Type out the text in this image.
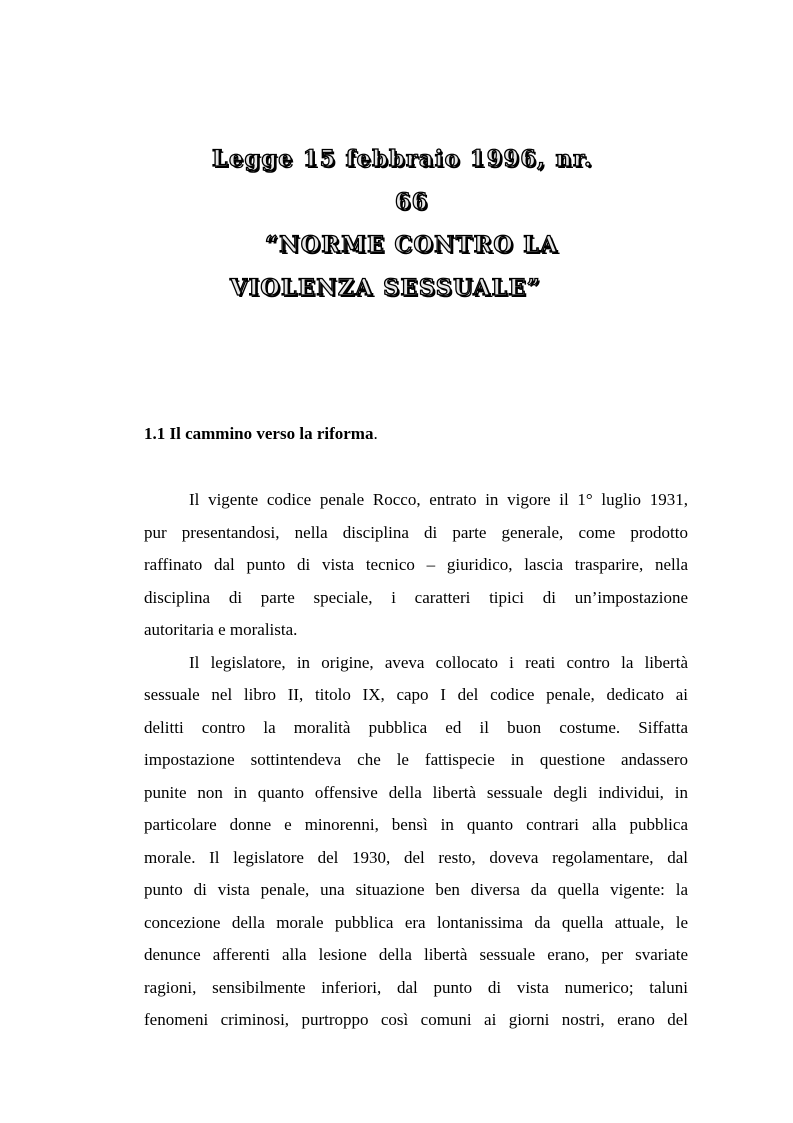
Legge 15 febbraio 1996, nr.
66
“NORME CONTRO LA
VIOLENZA SESSUALE”
1.1 Il cammino verso la riforma.
Il vigente codice penale Rocco, entrato in vigore il 1° luglio 1931,
pur presentandosi, nella disciplina di parte generale, come prodotto
raffinato dal punto di vista tecnico – giuridico, lascia trasparire, nella
disciplina di parte speciale, i caratteri tipici di un’impostazione
autoritaria e moralista.
Il legislatore, in origine, aveva collocato i reati contro la libertà
sessuale nel libro II, titolo IX, capo I del codice penale, dedicato ai
delitti contro la moralità pubblica ed il buon costume. Siffatta
impostazione sottintendeva che le fattispecie in questione andassero
punite non in quanto offensive della libertà sessuale degli individui, in
particolare donne e minorenni, bensì in quanto contrari alla pubblica
morale. Il legislatore del 1930, del resto, doveva regolamentare, dal
punto di vista penale, una situazione ben diversa da quella vigente: la
concezione della morale pubblica era lontanissima da quella attuale, le
denunce afferenti alla lesione della libertà sessuale erano, per svariate
ragioni, sensibilmente inferiori, dal punto di vista numerico; taluni
fenomeni criminosi, purtroppo così comuni ai giorni nostri, erano del
